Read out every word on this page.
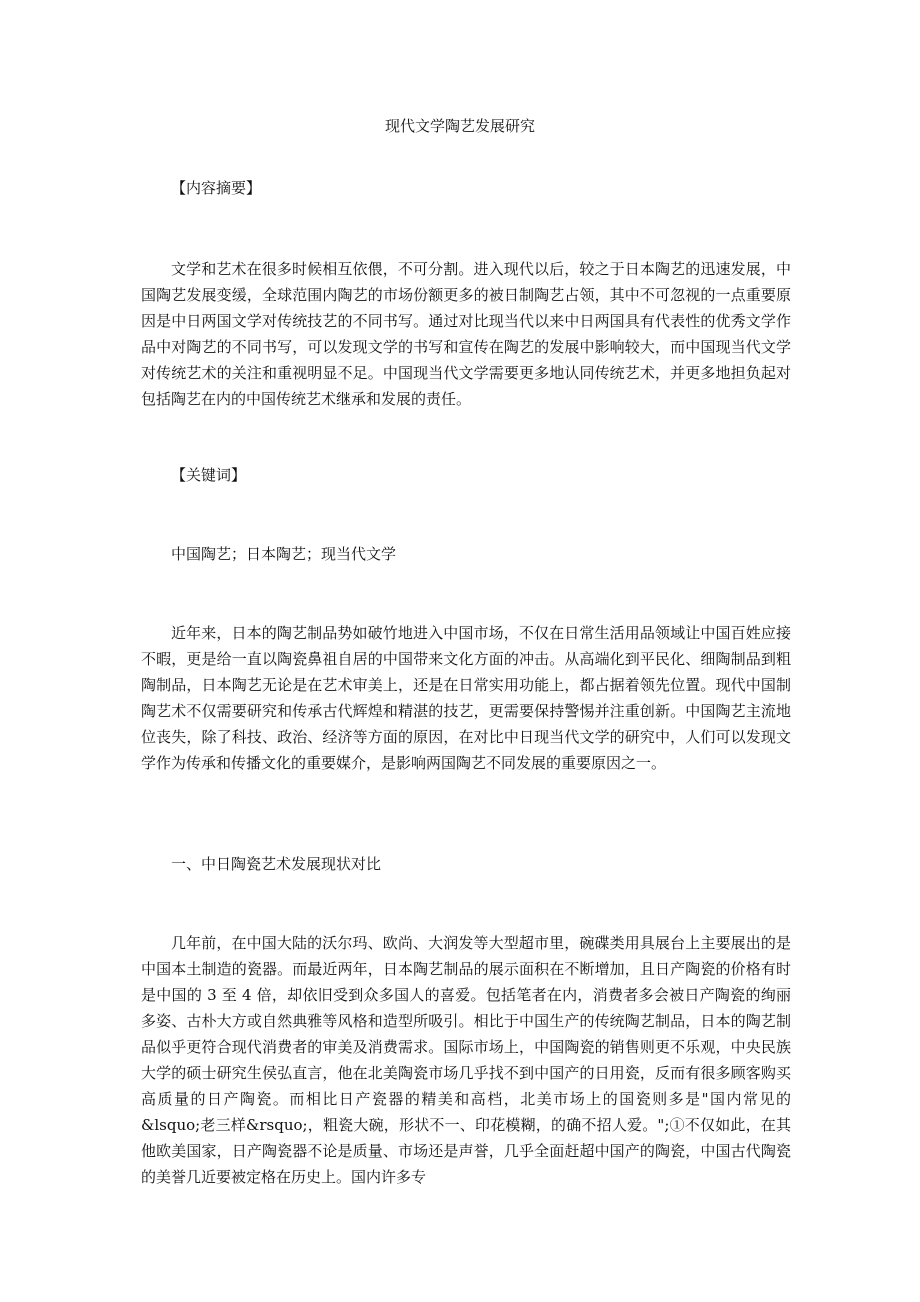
现代文学陶艺发展研究

【内容摘要】

文学和艺术在很多时候相互依偎，不可分割。进入现代以后，较之于日本陶艺的迅速发展，中国陶艺发展变缓，全球范围内陶艺的市场份额更多的被日制陶艺占领，其中不可忽视的一点重要原因是中日两国文学对传统技艺的不同书写。通过对比现当代以来中日两国具有代表性的优秀文学作品中对陶艺的不同书写，可以发现文学的书写和宣传在陶艺的发展中影响较大，而中国现当代文学对传统艺术的关注和重视明显不足。中国现当代文学需要更多地认同传统艺术，并更多地担负起对包括陶艺在内的中国传统艺术继承和发展的责任。

【关键词】

中国陶艺；日本陶艺；现当代文学

近年来，日本的陶艺制品势如破竹地进入中国市场，不仅在日常生活用品领域让中国百姓应接不暇，更是给一直以陶瓷鼻祖自居的中国带来文化方面的冲击。从高端化到平民化、细陶制品到粗陶制品，日本陶艺无论是在艺术审美上，还是在日常实用功能上，都占据着领先位置。现代中国制陶艺术不仅需要研究和传承古代辉煌和精湛的技艺，更需要保持警惕并注重创新。中国陶艺主流地位丧失，除了科技、政治、经济等方面的原因，在对比中日现当代文学的研究中，人们可以发现文学作为传承和传播文化的重要媒介，是影响两国陶艺不同发展的重要原因之一。

一、中日陶瓷艺术发展现状对比

几年前，在中国大陆的沃尔玛、欧尚、大润发等大型超市里，碗碟类用具展台上主要展出的是中国本土制造的瓷器。而最近两年，日本陶艺制品的展示面积在不断增加，且日产陶瓷的价格有时是中国的 3 至 4 倍，却依旧受到众多国人的喜爱。包括笔者在内，消费者多会被日产陶瓷的绚丽多姿、古朴大方或自然典雅等风格和造型所吸引。相比于中国生产的传统陶艺制品，日本的陶艺制品似乎更符合现代消费者的审美及消费需求。国际市场上，中国陶瓷的销售则更不乐观，中央民族大学的硕士研究生侯弘直言，他在北美陶瓷市场几乎找不到中国产的日用瓷，反而有很多顾客购买高质量的日产陶瓷。而相比日产瓷器的精美和高档，北美市场上的国瓷则多是"国内常见的&lsquo;老三样&rsquo;，粗瓷大碗，形状不一、印花模糊，的确不招人爱。";①不仅如此，在其他欧美国家，日产陶瓷器不论是质量、市场还是声誉，几乎全面赶超中国产的陶瓷，中国古代陶瓷的美誉几近要被定格在历史上。国内许多专
